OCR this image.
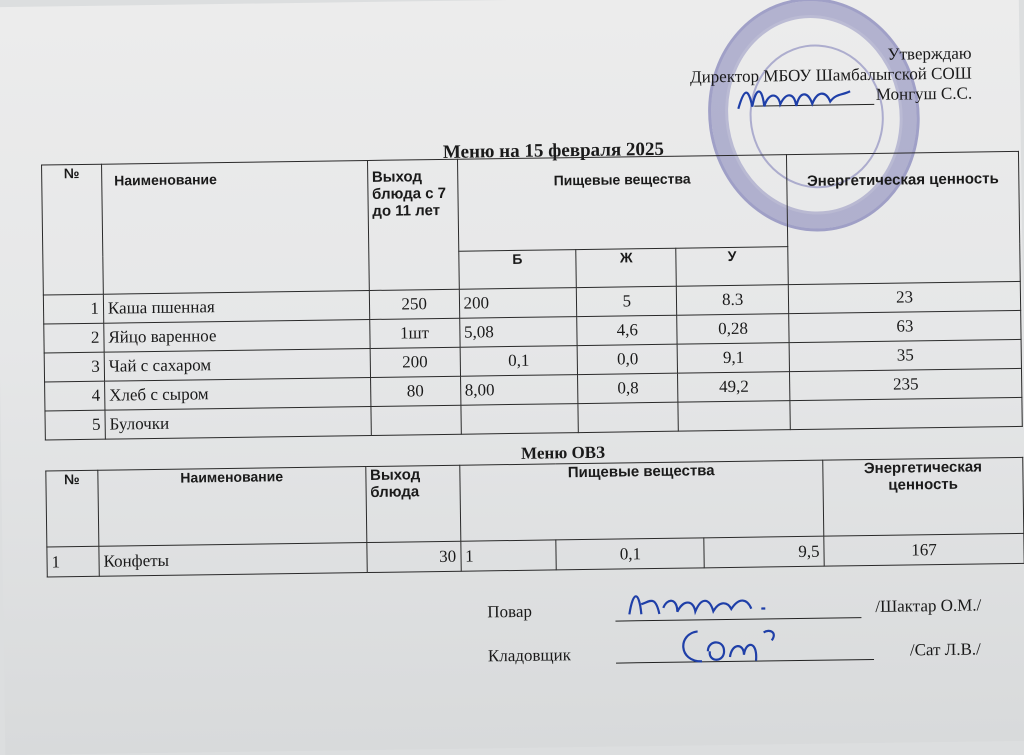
Утверждаю
Директор МБОУ Шамбалыгской СОШ
Монгуш С.С.
Меню на 15 февраля 2025
№	Наименование	Выход блюда с 7 до 11 лет	Пищевые вещества			Энергетическая ценность
			Б	Ж	У	
1	Каша пшенная	250	200	5	8.3	23
2	Яйцо варенное	1шт	5,08	4,6	0,28	63
3	Чай с сахаром	200	0,1	0,0	9,1	35
4	Хлеб с сыром	80	8,00	0,8	49,2	235
5	Булочки					
Меню ОВЗ
№	Наименование	Выход блюда	Пищевые вещества			Энергетическая ценность
1	Конфеты	30	1	0,1	9,5	167
Повар	/Шактар О.М./
Кладовщик	/Сат Л.В./
